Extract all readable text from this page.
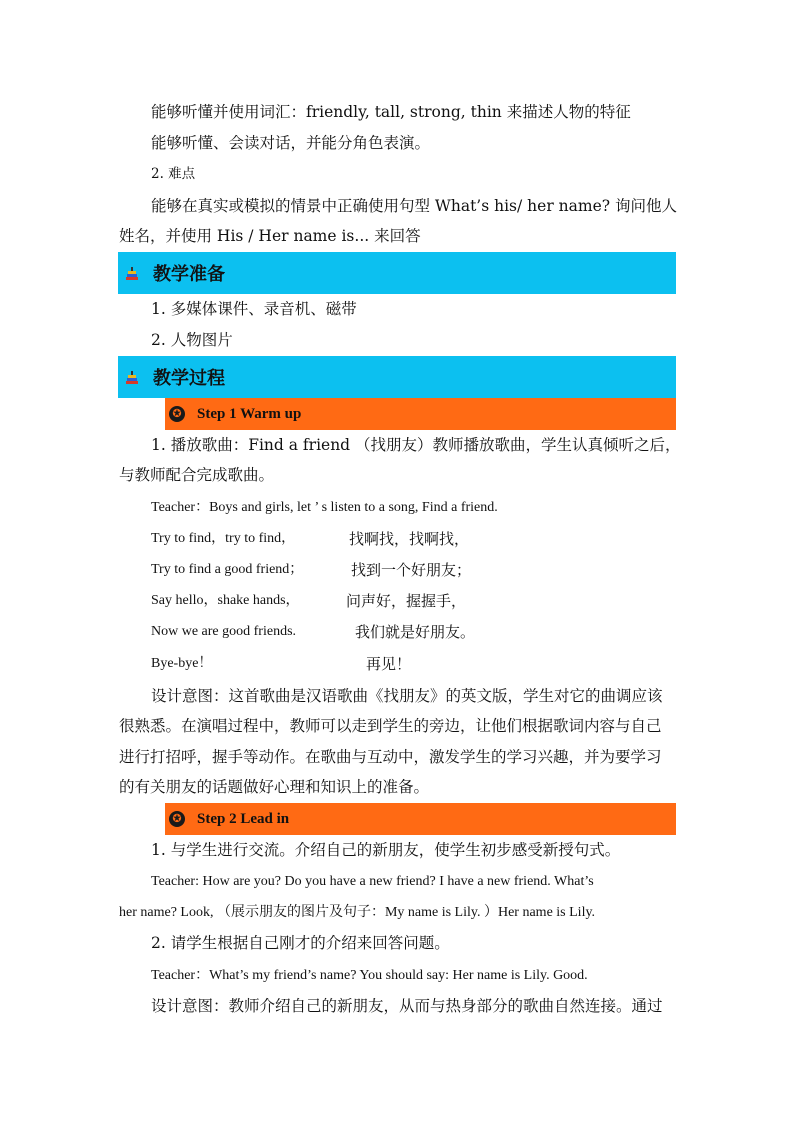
能够听懂并使用词汇：friendly, tall, strong, thin 来描述人物的特征
能够听懂、会读对话，并能分角色表演。
2. 难点
能够在真实或模拟的情景中正确使用句型 What’s his/ her name? 询问他人
姓名，并使用 His / Her name is... 来回答
教学准备
1. 多媒体课件、录音机、磁带
2. 人物图片
教学过程
✪ Step 1 Warm up
1. 播放歌曲：Find a friend （找朋友）教师播放歌曲，学生认真倾听之后，
与教师配合完成歌曲。
Teacher：Boys and girls, let ’ s listen to a song, Find a friend.
Try to find，try to find，	找啊找，找啊找，
Try to find a good friend；	找到一个好朋友；
Say hello，shake hands，	问声好，握握手，
Now we are good friends.	我们就是好朋友。
Bye-bye！	再见！
设计意图：这首歌曲是汉语歌曲《找朋友》的英文版，学生对它的曲调应该
很熟悉。在演唱过程中，教师可以走到学生的旁边，让他们根据歌词内容与自己
进行打招呼，握手等动作。在歌曲与互动中，激发学生的学习兴趣，并为要学习
的有关朋友的话题做好心理和知识上的准备。
✪ Step 2 Lead in
1. 与学生进行交流。介绍自己的新朋友，使学生初步感受新授句式。
Teacher: How are you? Do you have a new friend? I have a new friend. What’s
her name? Look, （展示朋友的图片及句子：My name is Lily. ）Her name is Lily.
2. 请学生根据自己刚才的介绍来回答问题。
Teacher：What’s my friend’s name? You should say: Her name is Lily. Good.
设计意图：教师介绍自己的新朋友，从而与热身部分的歌曲自然连接。通过
